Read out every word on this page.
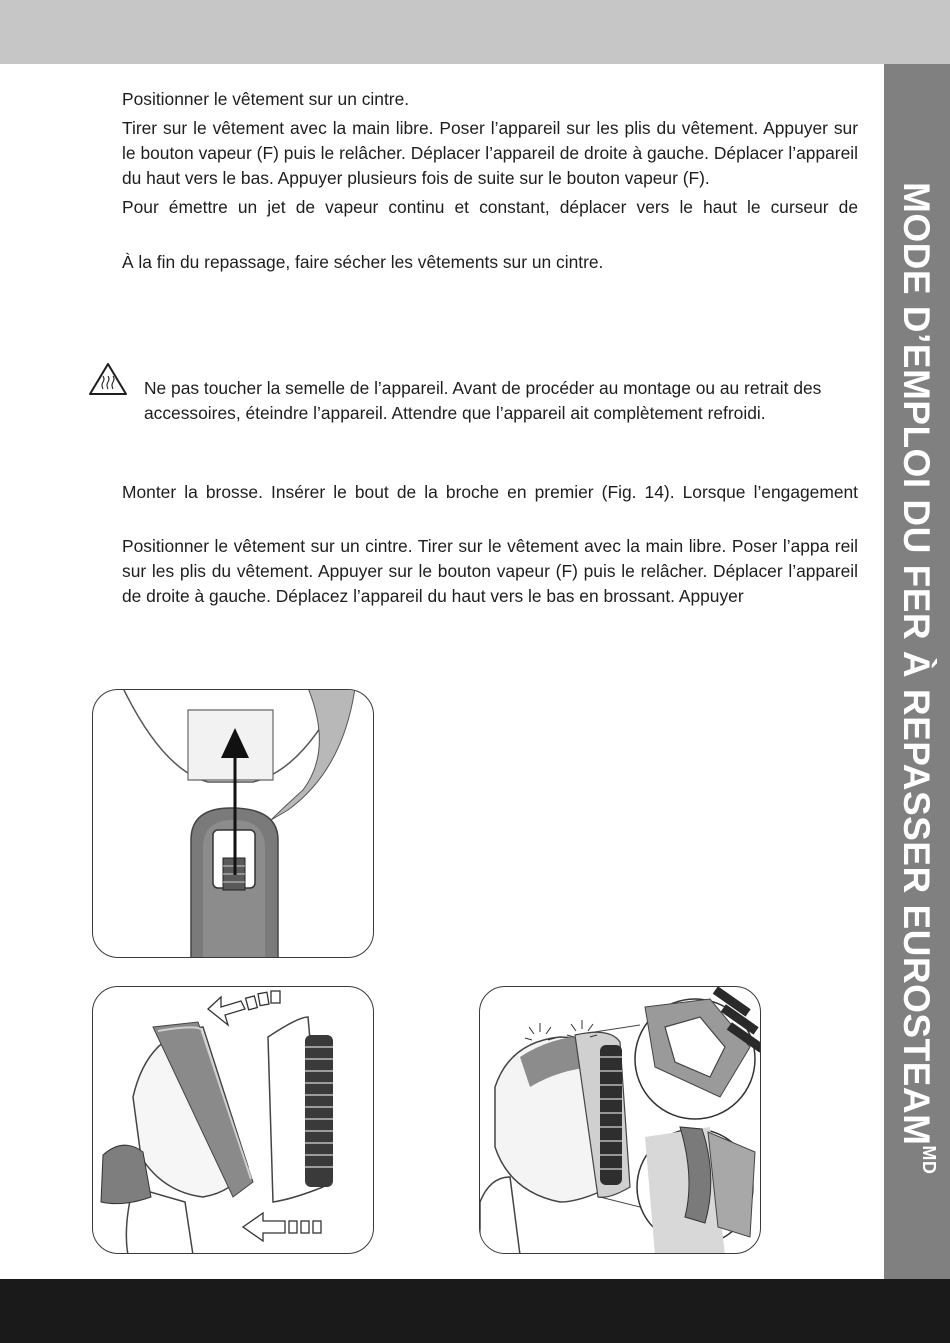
MODE D’EMPLOI DU FER À REPASSER $EUROSTEAM^{MD}$

Positionner le vêtement sur un cintre.

Tirer sur le vêtement avec la main libre. Poser l’appareil sur les plis du vêtement. Appuyer sur le bouton vapeur (F) puis le relâcher. Déplacer l’appareil de droite à gauche. Déplacer l’appareil du haut vers le bas. Appuyer plusieurs fois de suite sur le bouton vapeur (F).

Pour émettre un jet de vapeur continu et constant, déplacer vers le haut le curseur de

À la fin du repassage, faire sécher les vêtements sur un cintre.

Ne pas toucher la semelle de l’appareil. Avant de procéder au montage ou au retrait des
accessoires, éteindre l’appareil. Attendre que l’appareil ait complètement refroidi.

Monter la brosse. Insérer le bout de la broche en premier (Fig. 14). Lorsque l’engagement

Positionner le vêtement sur un cintre. Tirer sur le vêtement avec la main libre. Poser l’appa reil sur les plis du vêtement. Appuyer sur le bouton vapeur (F) puis le relâcher. Déplacer l’appareil de droite à gauche. Déplacez l’appareil du haut vers le bas en brossant. Appuyer
